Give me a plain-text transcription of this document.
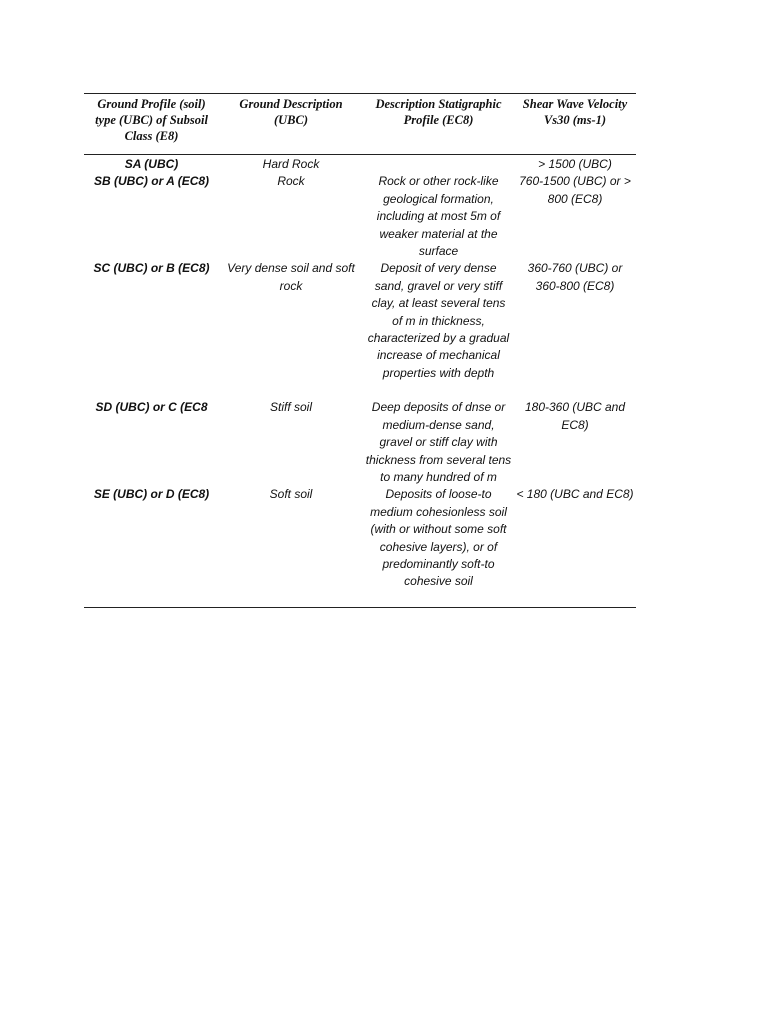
Ground Profile (soil) type (UBC) of Subsoil Class (E8)	Ground Description (UBC)	Description Statigraphic Profile (EC8)	Shear Wave Velocity Vs30 (ms-1)
SA (UBC)	Hard Rock		> 1500 (UBC)
SB (UBC) or A (EC8)	Rock	Rock or other rock-like geological formation, including at most 5m of weaker material at the surface	760-1500 (UBC) or > 800 (EC8)
SC (UBC) or B (EC8)	Very dense soil and soft rock	Deposit of very dense sand, gravel or very stiff clay, at least several tens of m in thickness, characterized by a gradual increase of mechanical properties with depth	360-760 (UBC) or 360-800 (EC8)
SD (UBC) or C (EC8	Stiff soil	Deep deposits of dnse or medium-dense sand, gravel or stiff clay with thickness from several tens to many hundred of m	180-360 (UBC and EC8)
SE (UBC) or D (EC8)	Soft soil	Deposits of loose-to medium cohesionless soil (with or without some soft cohesive layers), or of predominantly soft-to cohesive soil	< 180 (UBC and EC8)
